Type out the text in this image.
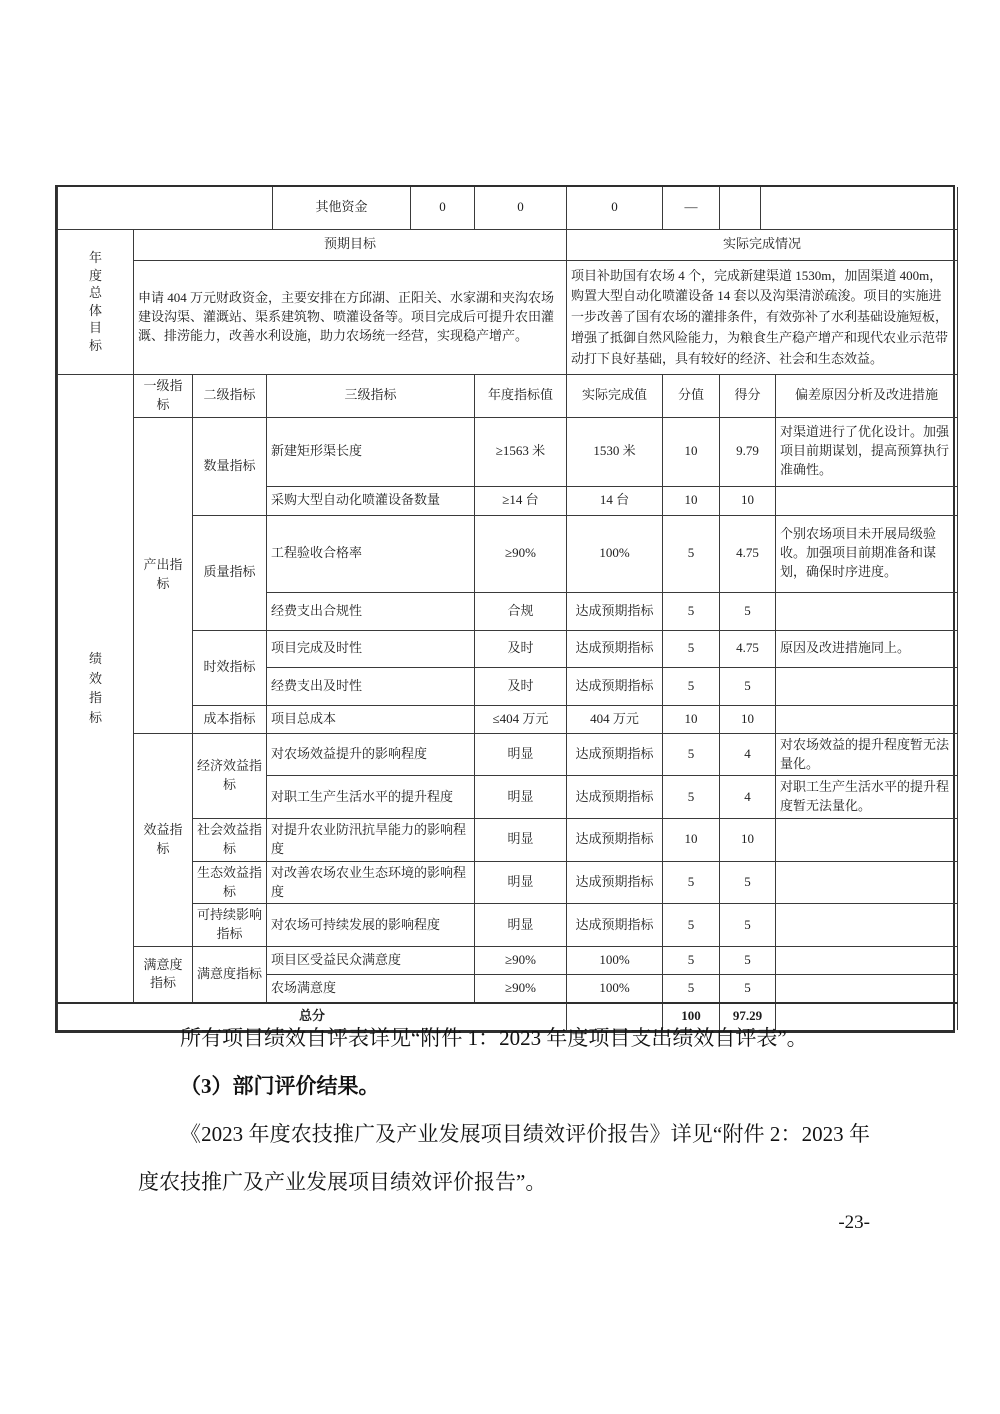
	其他资金	0	0	0	—		
年度总体目标	预期目标	实际完成情况
	申请 404 万元财政资金，主要安排在方邱湖、正阳关、水家湖和夹沟农场建设沟渠、灌溉站、渠系建筑物、喷灌设备等。项目完成后可提升农田灌溉、排涝能力，改善水利设施，助力农场统一经营，实现稳产增产。	项目补助国有农场 4 个，完成新建渠道 1530m，加固渠道 400m，购置大型自动化喷灌设备 14 套以及沟渠清淤疏浚。项目的实施进一步改善了国有农场的灌排条件，有效弥补了水利基础设施短板，增强了抵御自然风险能力，为粮食生产稳产增产和现代农业示范带动打下良好基础，具有较好的经济、社会和生态效益。
绩效指标	一级指标	二级指标	三级指标	年度指标值	实际完成值	分值	得分	偏差原因分析及改进措施
	产出指标	数量指标	新建矩形渠长度	≥1563 米	1530 米	10	9.79	对渠道进行了优化设计。加强项目前期谋划，提高预算执行准确性。
			采购大型自动化喷灌设备数量	≥14 台	14 台	10	10	
		质量指标	工程验收合格率	≥90%	100%	5	4.75	个别农场项目未开展局级验收。加强项目前期准备和谋划，确保时序进度。
			经费支出合规性	合规	达成预期指标	5	5	
		时效指标	项目完成及时性	及时	达成预期指标	5	4.75	原因及改进措施同上。
			经费支出及时性	及时	达成预期指标	5	5	
		成本指标	项目总成本	≤404 万元	404 万元	10	10	
	效益指标	经济效益指标	对农场效益提升的影响程度	明显	达成预期指标	5	4	对农场效益的提升程度暂无法量化。
			对职工生产生活水平的提升程度	明显	达成预期指标	5	4	对职工生产生活水平的提升程度暂无法量化。
		社会效益指标	对提升农业防汛抗旱能力的影响程度	明显	达成预期指标	10	10	
		生态效益指标	对改善农场农业生态环境的影响程度	明显	达成预期指标	5	5	
		可持续影响指标	对农场可持续发展的影响程度	明显	达成预期指标	5	5	
	满意度指标	满意度指标	项目区受益民众满意度	≥90%	100%	5	5	
			农场满意度	≥90%	100%	5	5	
总分						100	97.29	

所有项目绩效自评表详见“附件 1：2023 年度项目支出绩效自评表”。

（3）部门评价结果。

《2023 年度农技推广及产业发展项目绩效评价报告》详见“附件 2：2023 年度农技推广及产业发展项目绩效评价报告”。

-23-
